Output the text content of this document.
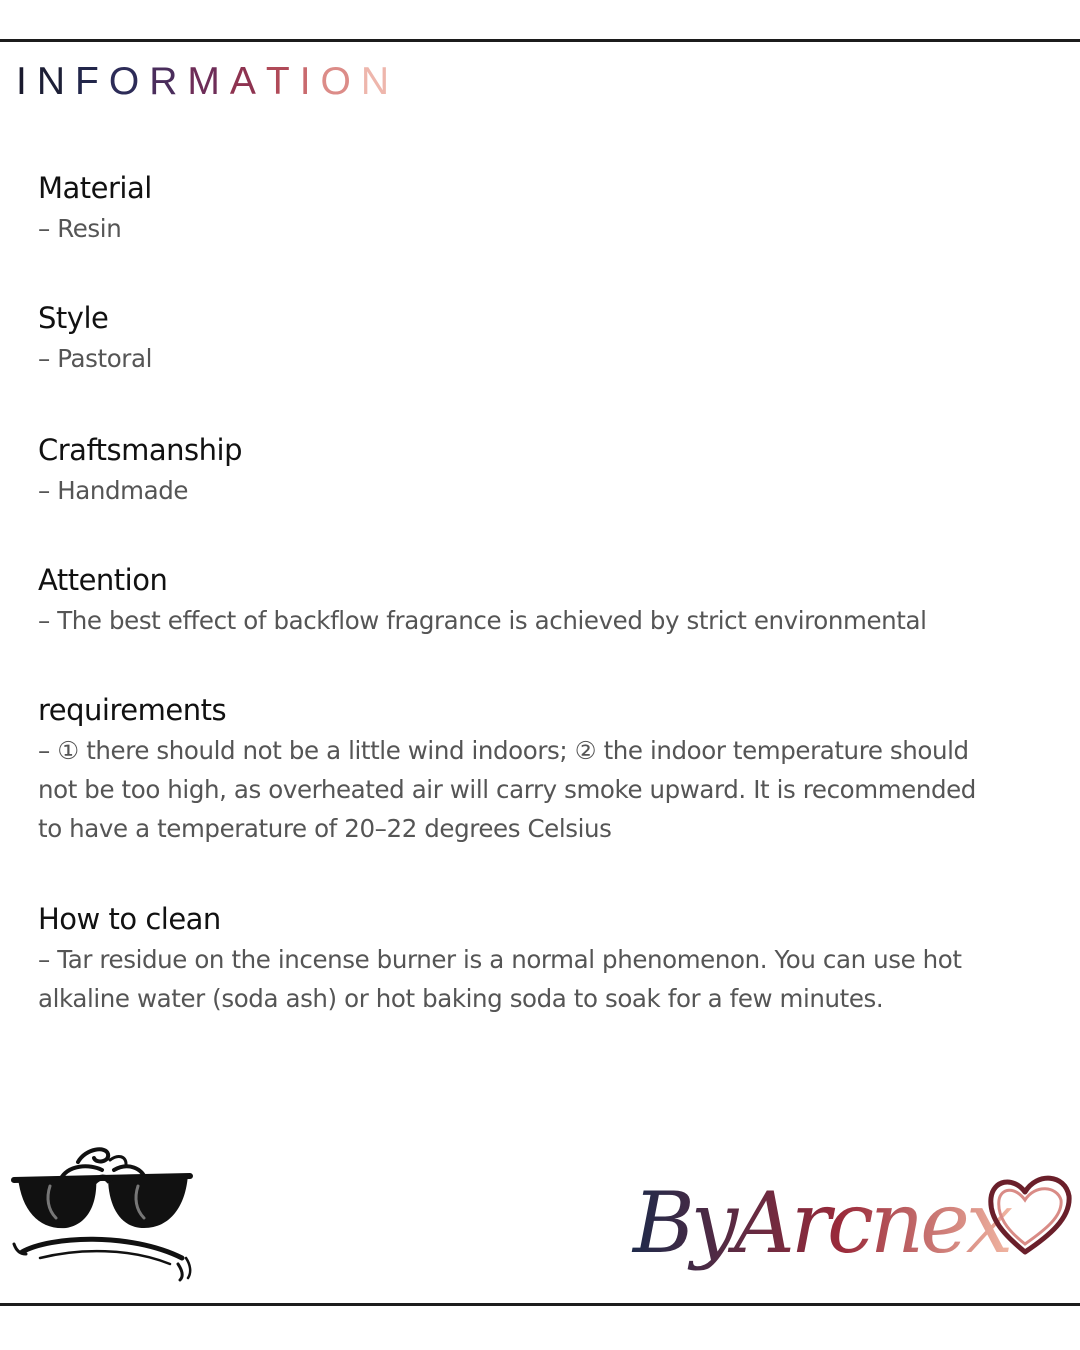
INFORMATION
Material
– Resin
Style
– Pastoral
Craftsmanship
– Handmade
Attention
– The best effect of backflow fragrance is achieved by strict environmental
requirements
– ① there should not be a little wind indoors; ② the indoor temperature should
not be too high, as overheated air will carry smoke upward. It is recommended
to have a temperature of 20–22 degrees Celsius
How to clean
– Tar residue on the incense burner is a normal phenomenon. You can use hot
alkaline water (soda ash) or hot baking soda to soak for a few minutes.
ByArcnex
